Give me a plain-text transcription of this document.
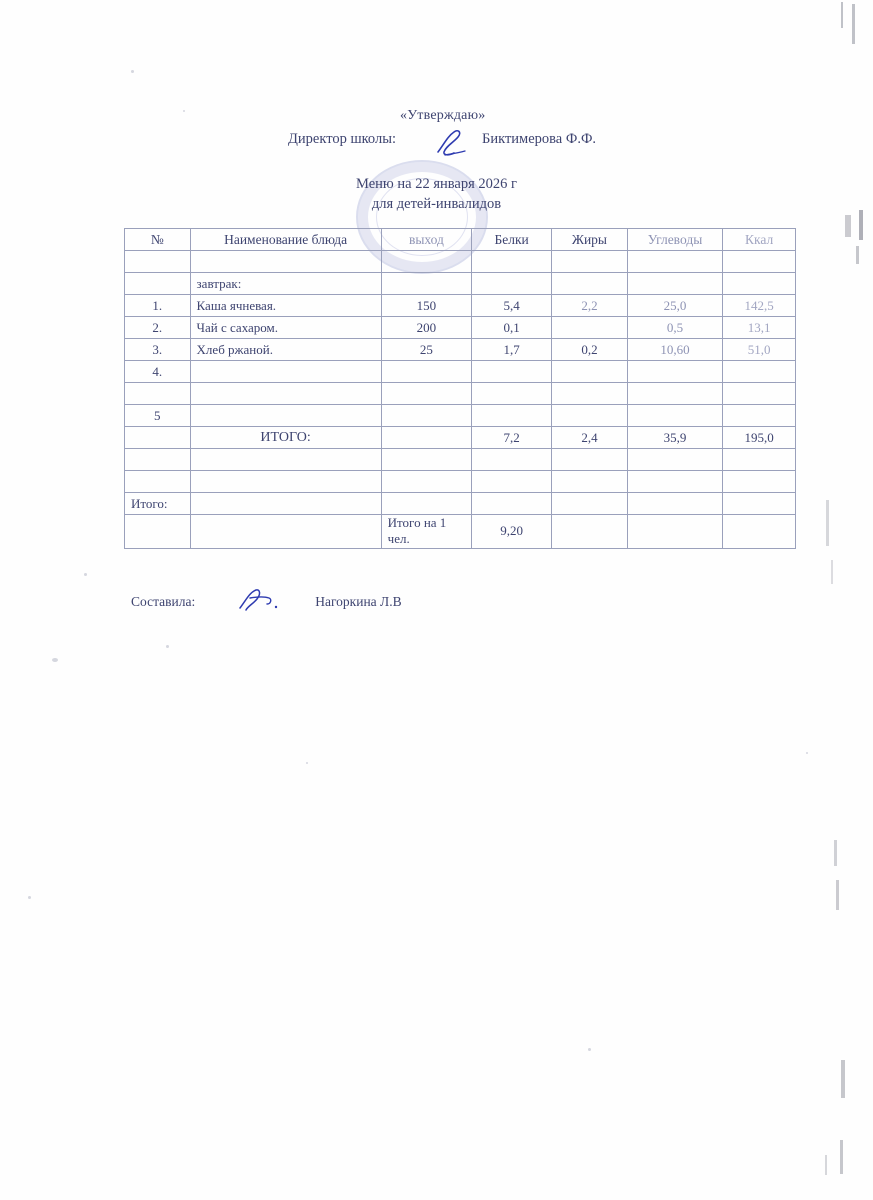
«Утверждаю»
Директор школы:	Биктимерова Ф.Ф.
Меню на 22 января 2026 г
для детей-инвалидов
№	Наименование блюда	выход	Белки	Жиры	Углеводы	Ккал

	завтрак:					
1.	Каша ячневая.	150	5,4	2,2	25,0	142,5
2.	Чай с сахаром.	200	0,1		0,5	13,1
3.	Хлеб ржаной.	25	1,7	0,2	10,60	51,0
4.						

5						
	ИТОГО:		7,2	2,4	35,9	195,0

Итого:						
		Итого на 1 чел.	9,20			
Составила:	Нагоркина Л.В
